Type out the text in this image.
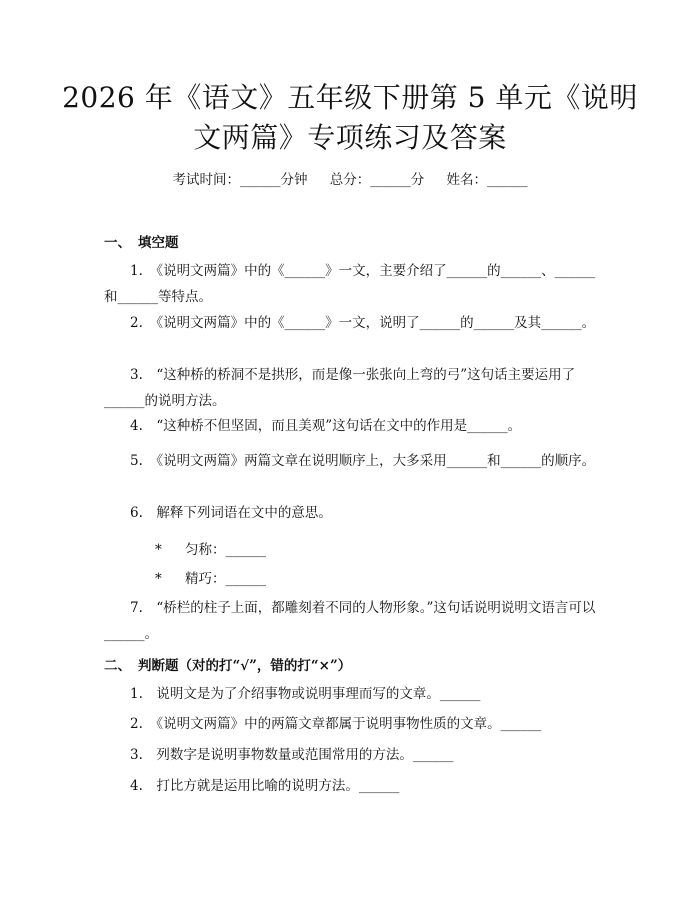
2026 年《语文》五年级下册第 5 单元《说明
文两篇》专项练习及答案
考试时间：______分钟 总分：______分 姓名：______
一、 填空题
1.　《说明文两篇》中的《______》一文，主要介绍了______的______、______和______等特点。
2.　《说明文两篇》中的《______》一文，说明了______的______及其______。
3.　“这种桥的桥洞不是拱形，而是像一张张向上弯的弓”这句话主要运用了______的说明方法。
4.　“这种桥不但坚固，而且美观”这句话在文中的作用是______。
5.　《说明文两篇》两篇文章在说明顺序上，大多采用______和______的顺序。
6.　解释下列词语在文中的意思。
* 匀称：______
* 精巧：______
7.　“桥栏的柱子上面，都雕刻着不同的人物形象。”这句话说明说明文语言可以______。
二、 判断题（对的打“√”，错的打“×”）
1.　说明文是为了介绍事物或说明事理而写的文章。______
2.　《说明文两篇》中的两篇文章都属于说明事物性质的文章。______
3.　列数字是说明事物数量或范围常用的方法。______
4.　打比方就是运用比喻的说明方法。______
